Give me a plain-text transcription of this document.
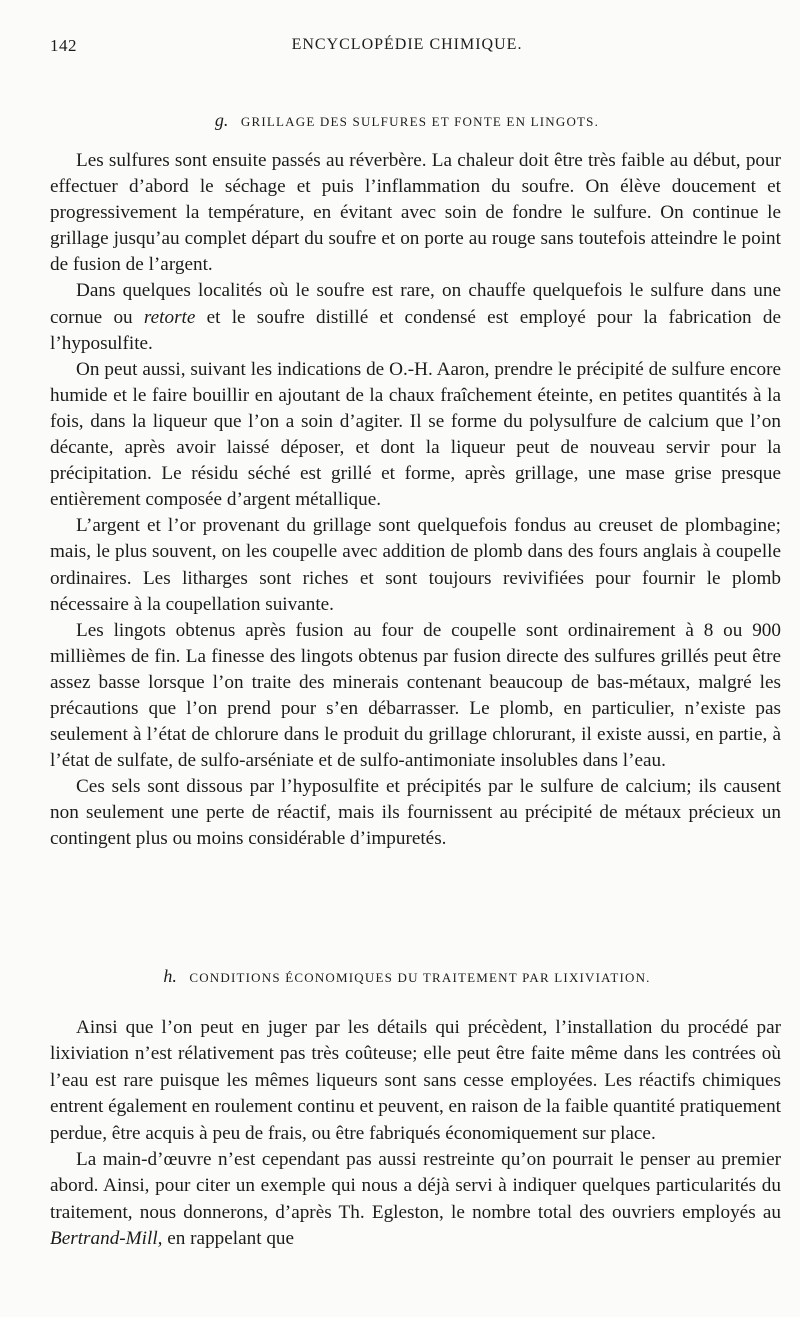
142	ENCYCLOPÉDIE CHIMIQUE.
g. GRILLAGE DES SULFURES ET FONTE EN LINGOTS.

Les sulfures sont ensuite passés au réverbère. La chaleur doit être très faible au début, pour effectuer d’abord le séchage et puis l’inflammation du soufre. On élève doucement et progressivement la température, en évitant avec soin de fondre le sulfure. On continue le grillage jusqu’au complet départ du soufre et on porte au rouge sans toutefois atteindre le point de fusion de l’argent.

Dans quelques localités où le soufre est rare, on chauffe quelquefois le sulfure dans une cornue ou retorte et le soufre distillé et condensé est employé pour la fabrication de l’hyposulfite.

On peut aussi, suivant les indications de O.-H. Aaron, prendre le précipité de sulfure encore humide et le faire bouillir en ajoutant de la chaux fraîchement éteinte, en petites quantités à la fois, dans la liqueur que l’on a soin d’agiter. Il se forme du polysulfure de calcium que l’on décante, après avoir laissé déposer, et dont la liqueur peut de nouveau servir pour la précipitation. Le résidu séché est grillé et forme, après grillage, une mase grise presque entièrement composée d’argent métallique.

L’argent et l’or provenant du grillage sont quelquefois fondus au creuset de plombagine; mais, le plus souvent, on les coupelle avec addition de plomb dans des fours anglais à coupelle ordinaires. Les litharges sont riches et sont toujours revivifiées pour fournir le plomb nécessaire à la coupellation suivante.

Les lingots obtenus après fusion au four de coupelle sont ordinairement à 8 ou 900 millièmes de fin. La finesse des lingots obtenus par fusion directe des sulfures grillés peut être assez basse lorsque l’on traite des minerais contenant beaucoup de bas-métaux, malgré les précautions que l’on prend pour s’en débarrasser. Le plomb, en particulier, n’existe pas seulement à l’état de chlorure dans le produit du grillage chlorurant, il existe aussi, en partie, à l’état de sulfate, de sulfo-arséniate et de sulfo-antimoniate insolubles dans l’eau.

Ces sels sont dissous par l’hyposulfite et précipités par le sulfure de calcium; ils causent non seulement une perte de réactif, mais ils fournissent au précipité de métaux précieux un contingent plus ou moins considérable d’impuretés.

h. CONDITIONS ÉCONOMIQUES DU TRAITEMENT PAR LIXIVIATION.

Ainsi que l’on peut en juger par les détails qui précèdent, l’installation du procédé par lixiviation n’est rélativement pas très coûteuse; elle peut être faite même dans les contrées où l’eau est rare puisque les mêmes liqueurs sont sans cesse employées. Les réactifs chimiques entrent également en roulement continu et peuvent, en raison de la faible quantité pratiquement perdue, être acquis à peu de frais, ou être fabriqués économiquement sur place.

La main-d’œuvre n’est cependant pas aussi restreinte qu’on pourrait le penser au premier abord. Ainsi, pour citer un exemple qui nous a déjà servi à indiquer quelques particularités du traitement, nous donnerons, d’après Th. Egleston, le nombre total des ouvriers employés au Bertrand-Mill, en rappelant que
